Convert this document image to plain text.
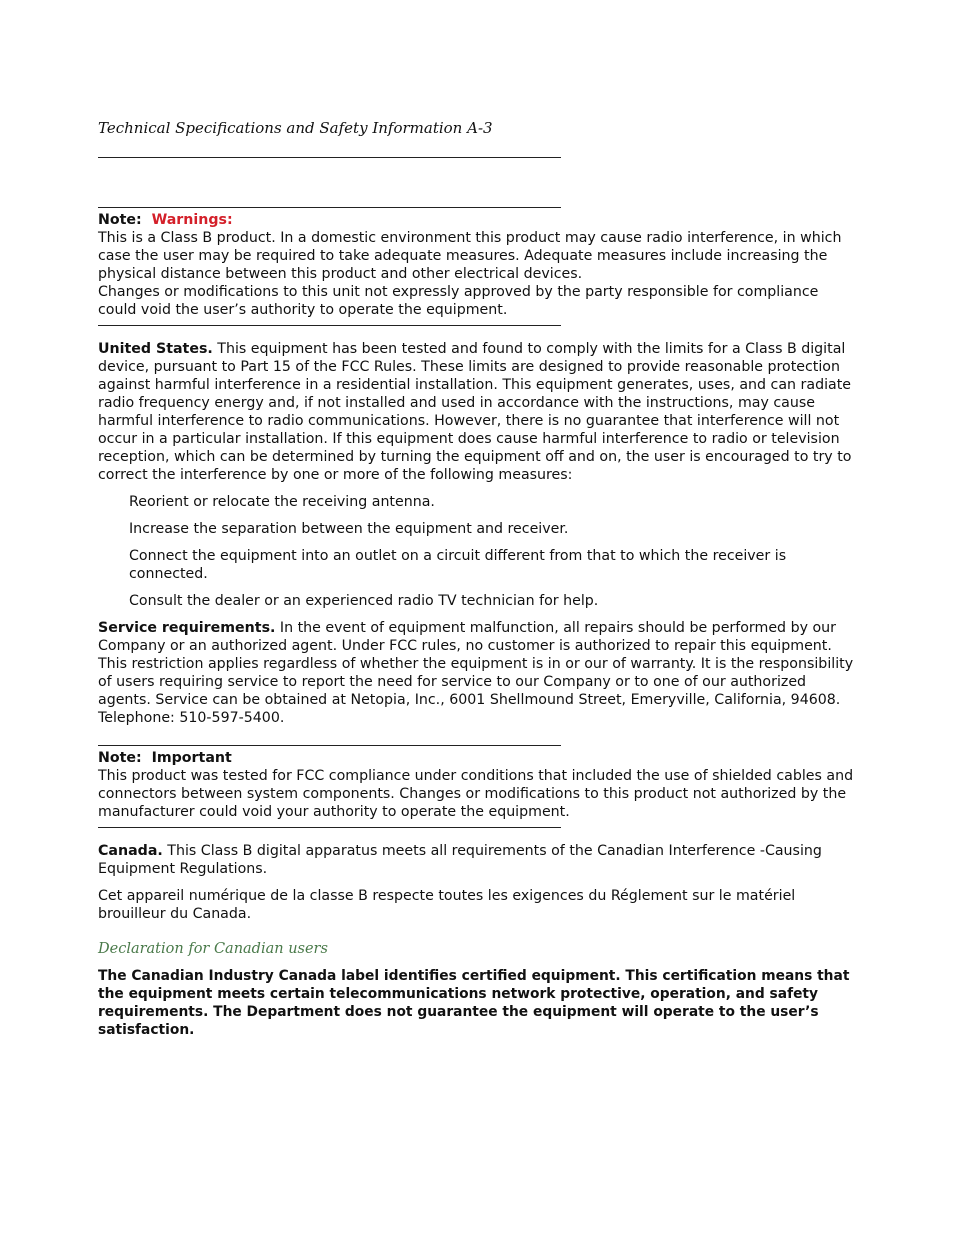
Technical Specifications and Safety Information A-3

Note: Warnings:

This is a Class B product. In a domestic environment this product may cause radio interference, in which case the user may be required to take adequate measures. Adequate measures include increasing the physical distance between this product and other electrical devices.

Changes or modifications to this unit not expressly approved by the party responsible for compliance could void the user’s authority to operate the equipment.

United States. This equipment has been tested and found to comply with the limits for a Class B digital device, pursuant to Part 15 of the FCC Rules. These limits are designed to provide reasonable protection against harmful interference in a residential installation. This equipment generates, uses, and can radiate radio frequency energy and, if not installed and used in accordance with the instructions, may cause harmful interference to radio communications. However, there is no guarantee that interference will not occur in a particular installation. If this equipment does cause harmful interference to radio or television reception, which can be determined by turning the equipment off and on, the user is encouraged to try to correct the interference by one or more of the following measures:

Reorient or relocate the receiving antenna.
Increase the separation between the equipment and receiver.
Connect the equipment into an outlet on a circuit different from that to which the receiver is connected.
Consult the dealer or an experienced radio TV technician for help.

Service requirements. In the event of equipment malfunction, all repairs should be performed by our Company or an authorized agent. Under FCC rules, no customer is authorized to repair this equipment. This restriction applies regardless of whether the equipment is in or our of warranty. It is the responsibility of users requiring service to report the need for service to our Company or to one of our authorized agents. Service can be obtained at Netopia, Inc., 6001 Shellmound Street, Emeryville, California, 94608. Telephone: 510-597-5400.

Note: Important

This product was tested for FCC compliance under conditions that included the use of shielded cables and connectors between system components. Changes or modifications to this product not authorized by the manufacturer could void your authority to operate the equipment.

Canada. This Class B digital apparatus meets all requirements of the Canadian Interference -Causing Equipment Regulations.

Cet appareil numérique de la classe B respecte toutes les exigences du Réglement sur le matériel brouilleur du Canada.

Declaration for Canadian users

The Canadian Industry Canada label identifies certified equipment. This certification means that the equipment meets certain telecommunications network protective, operation, and safety requirements. The Department does not guarantee the equipment will operate to the user’s satisfaction.
